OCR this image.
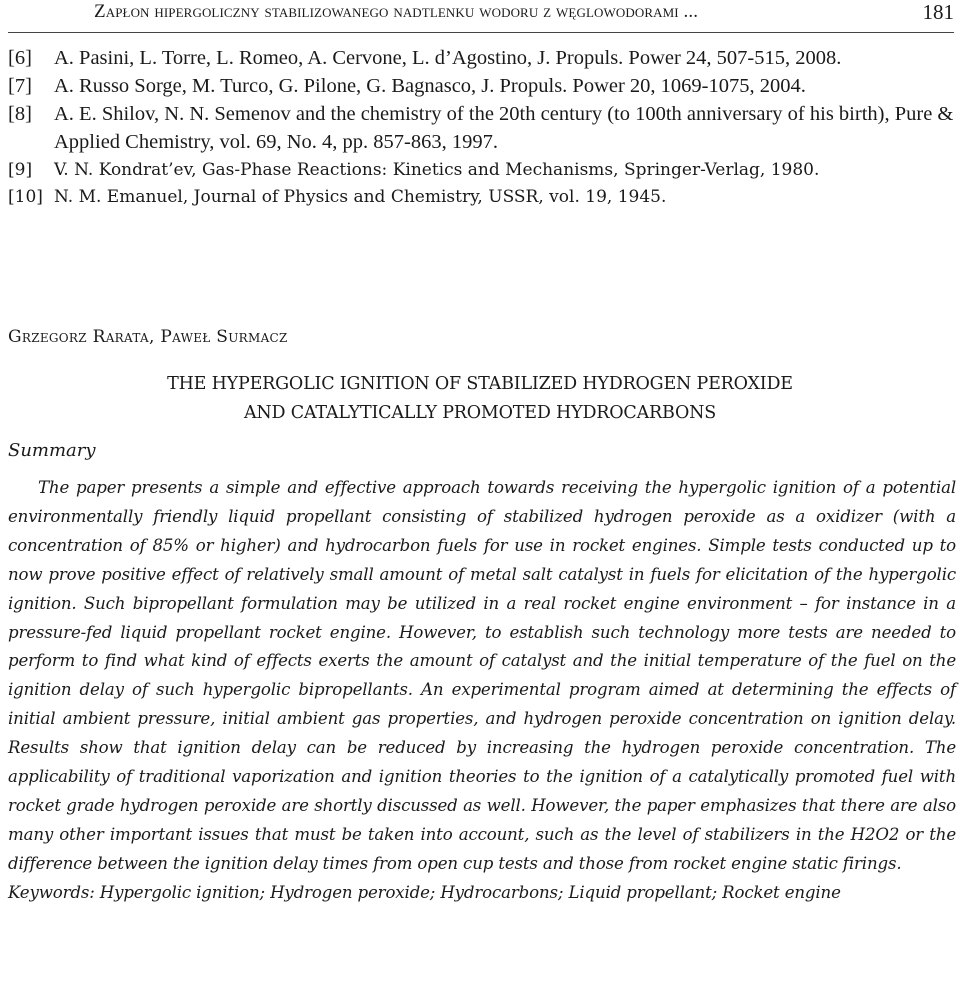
Zapłon hipergoliczny stabilizowanego nadtlenku wodoru z węglowodorami ...	181
[6] A. Pasini, L. Torre, L. Romeo, A. Cervone, L. d’Agostino, J. Propuls. Power 24, 507-515, 2008.
[7] A. Russo Sorge, M. Turco, G. Pilone, G. Bagnasco, J. Propuls. Power 20, 1069-1075, 2004.
[8] A. E. Shilov, N. N. Semenov and the chemistry of the 20th century (to 100th anniversary of his birth), Pure & Applied Chemistry, vol. 69, No. 4, pp. 857-863, 1997.
[9] V. N. Kondrat’ev, Gas-Phase Reactions: Kinetics and Mechanisms, Springer-Verlag, 1980.
[10] N. M. Emanuel, Journal of Physics and Chemistry, USSR, vol. 19, 1945.
Grzegorz Rarata, Paweł Surmacz
THE HYPERGOLIC IGNITION OF STABILIZED HYDROGEN PEROXIDE
AND CATALYTICALLY PROMOTED HYDROCARBONS
Summary

The paper presents a simple and effective approach towards receiving the hypergolic ignition of a potential environmentally friendly liquid propellant consisting of stabilized hydrogen peroxide as a oxidizer (with a concentration of 85% or higher) and hydrocarbon fuels for use in rocket engines. Simple tests conducted up to now prove positive effect of relatively small amount of metal salt catalyst in fuels for elicitation of the hypergolic ignition. Such bipropellant formulation may be utilized in a real rocket engine environment – for instance in a pressure-fed liquid propellant rocket engine. However, to establish such technology more tests are needed to perform to find what kind of effects exerts the amount of catalyst and the initial temperature of the fuel on the ignition delay of such hypergolic bipropellants. An experimental program aimed at determining the effects of initial ambient pressure, initial ambient gas properties, and hydrogen peroxide concentration on ignition delay. Results show that ignition delay can be reduced by increasing the hydrogen peroxide concentration. The applicability of traditional vaporization and ignition theories to the ignition of a catalytically promoted fuel with rocket grade hydrogen peroxide are shortly discussed as well. However, the paper emphasizes that there are also many other important issues that must be taken into account, such as the level of stabilizers in the H2O2 or the difference between the ignition delay times from open cup tests and those from rocket engine static firings.

Keywords: Hypergolic ignition; Hydrogen peroxide; Hydrocarbons; Liquid propellant; Rocket engine
